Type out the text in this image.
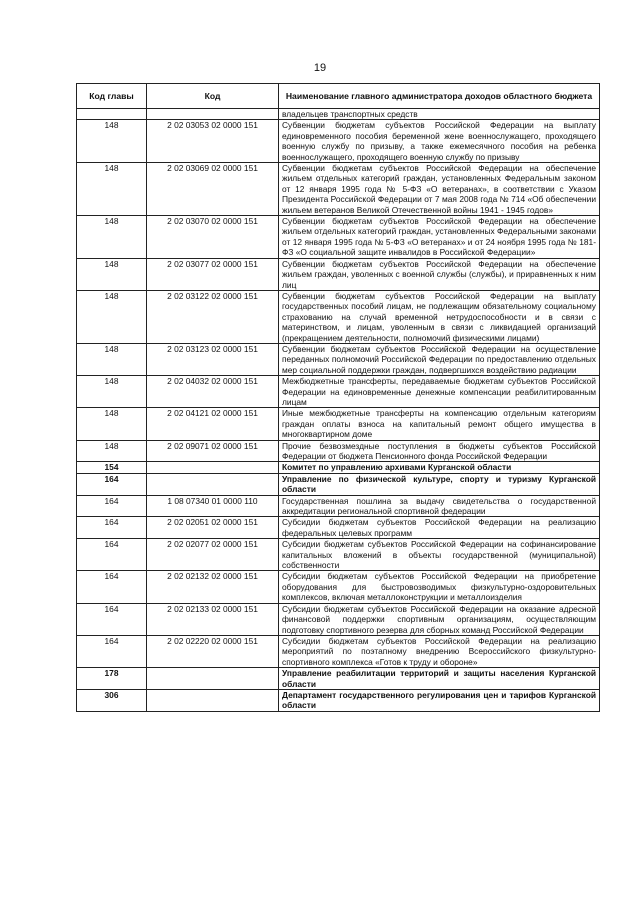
19
Код главы	Код	Наименование главного администратора доходов областного бюджета
		владельцев транспортных средств
148	2 02 03053 02 0000 151	Субвенции бюджетам субъектов Российской Федерации на выплату единовременного пособия беременной жене военнослужащего, проходящего военную службу по призыву, а также ежемесячного пособия на ребенка военнослужащего, проходящего военную службу по призыву
148	2 02 03069 02 0000 151	Субвенции бюджетам субъектов Российской Федерации на обеспечение жильем отдельных категорий граждан, установленных Федеральным законом от 12 января 1995 года № 5-ФЗ «О ветеранах», в соответствии с Указом Президента Российской Федерации от 7 мая 2008 года № 714 «Об обеспечении жильем ветеранов Великой Отечественной войны 1941 - 1945 годов»
148	2 02 03070 02 0000 151	Субвенции бюджетам субъектов Российской Федерации на обеспечение жильем отдельных категорий граждан, установленных Федеральными законами от 12 января 1995 года № 5-ФЗ «О ветеранах» и от 24 ноября 1995 года № 181-ФЗ «О социальной защите инвалидов в Российской Федерации»
148	2 02 03077 02 0000 151	Субвенции бюджетам субъектов Российской Федерации на обеспечение жильем граждан, уволенных с военной службы (службы), и приравненных к ним лиц
148	2 02 03122 02 0000 151	Субвенции бюджетам субъектов Российской Федерации на выплату государственных пособий лицам, не подлежащим обязательному социальному страхованию на случай временной нетрудоспособности и в связи с материнством, и лицам, уволенным в связи с ликвидацией организаций (прекращением деятельности, полномочий физическими лицами)
148	2 02 03123 02 0000 151	Субвенции бюджетам субъектов Российской Федерации на осуществление переданных полномочий Российской Федерации по предоставлению отдельных мер социальной поддержки граждан, подвергшихся воздействию радиации
148	2 02 04032 02 0000 151	Межбюджетные трансферты, передаваемые бюджетам субъектов Российской Федерации на единовременные денежные компенсации реабилитированным лицам
148	2 02 04121 02 0000 151	Иные межбюджетные трансферты на компенсацию отдельным категориям граждан оплаты взноса на капитальный ремонт общего имущества в многоквартирном доме
148	2 02 09071 02 0000 151	Прочие безвозмездные поступления в бюджеты субъектов Российской Федерации от бюджета Пенсионного фонда Российской Федерации
154		Комитет по управлению архивами Курганской области
164		Управление по физической культуре, спорту и туризму Курганской области
164	1 08 07340 01 0000 110	Государственная пошлина за выдачу свидетельства о государственной аккредитации региональной спортивной федерации
164	2 02 02051 02 0000 151	Субсидии бюджетам субъектов Российской Федерации на реализацию федеральных целевых программ
164	2 02 02077 02 0000 151	Субсидии бюджетам субъектов Российской Федерации на софинансирование капитальных вложений в объекты государственной (муниципальной) собственности
164	2 02 02132 02 0000 151	Субсидии бюджетам субъектов Российской Федерации на приобретение оборудования для быстровозводимых физкультурно-оздоровительных комплексов, включая металлоконструкции и металлоизделия
164	2 02 02133 02 0000 151	Субсидии бюджетам субъектов Российской Федерации на оказание адресной финансовой поддержки спортивным организациям, осуществляющим подготовку спортивного резерва для сборных команд Российской Федерации
164	2 02 02220 02 0000 151	Субсидии бюджетам субъектов Российской Федерации на реализацию мероприятий по поэтапному внедрению Всероссийского физкультурно-спортивного комплекса «Готов к труду и обороне»
178		Управление реабилитации территорий и защиты населения Курганской области
306		Департамент государственного регулирования цен и тарифов Курганской области
